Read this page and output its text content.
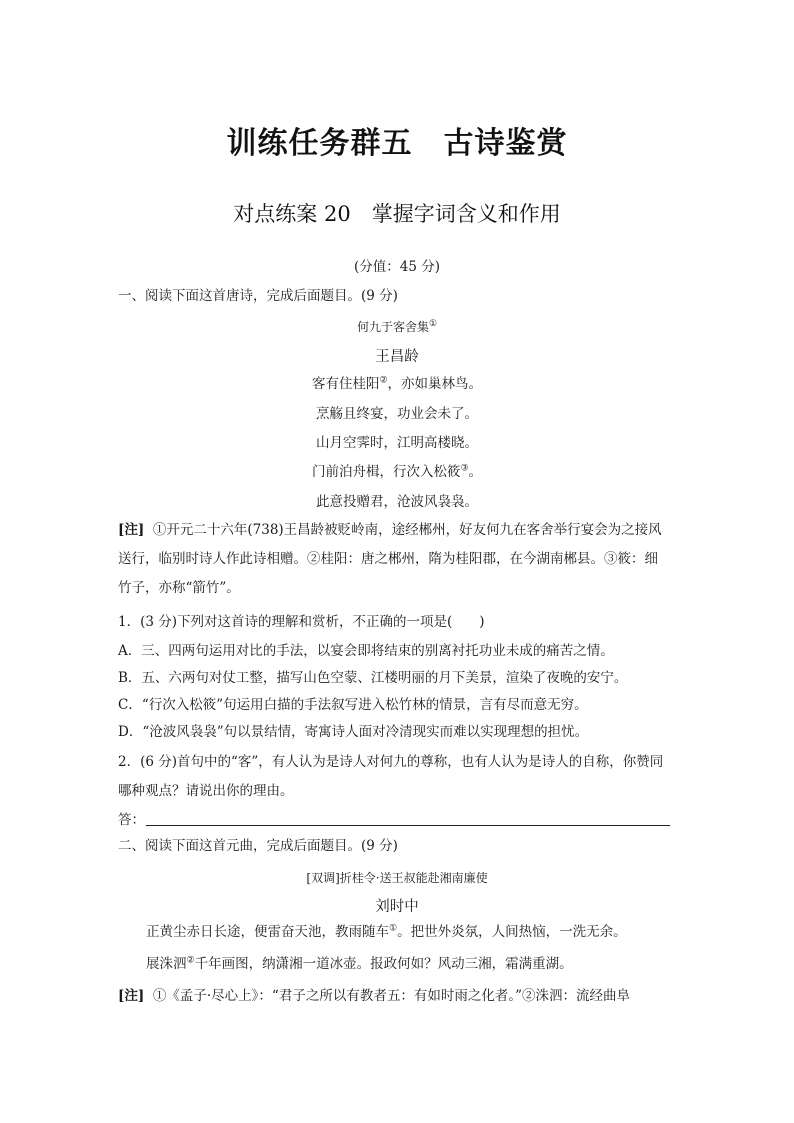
训练任务群五　古诗鉴赏
对点练案 20　掌握字词含义和作用
(分值：45 分)
一、阅读下面这首唐诗，完成后面题目。(9 分)
何九于客舍集①
王昌龄
客有住桂阳②，亦如巢林鸟。
烹觞且终宴，功业会未了。
山月空霁时，江明高楼晓。
门前泊舟楫，行次入松筱③。
此意投赠君，沧波风袅袅。
[注] ①开元二十六年(738)王昌龄被贬岭南，途经郴州，好友何九在客舍举行宴会为之接风
送行，临别时诗人作此诗相赠。②桂阳：唐之郴州，隋为桂阳郡，在今湖南郴县。③筱：细
竹子，亦称“箭竹”。
1．(3 分)下列对这首诗的理解和赏析，不正确的一项是(　　)
A．三、四两句运用对比的手法，以宴会即将结束的别离衬托功业未成的痛苦之情。
B．五、六两句对仗工整，描写山色空蒙、江楼明丽的月下美景，渲染了夜晚的安宁。
C．“行次入松筱”句运用白描的手法叙写进入松竹林的情景，言有尽而意无穷。
D．“沧波风袅袅”句以景结情，寄寓诗人面对冷清现实而难以实现理想的担忧。
2．(6 分)首句中的“客”，有人认为是诗人对何九的尊称，也有人认为是诗人的自称，你赞同
哪种观点？请说出你的理由。
答：
二、阅读下面这首元曲，完成后面题目。(9 分)
[双调]折桂令·送王叔能赴湘南廉使
刘时中
正黄尘赤日长途，便雷奋天池，教雨随车①。把世外炎氛，人间热恼，一洗无余。
展洙泗②千年画图，纳潇湘一道冰壶。报政何如？风动三湘，霜满重湖。
[注] ①《孟子·尽心上》：“君子之所以有教者五：有如时雨之化者。”②洙泗：流经曲阜
